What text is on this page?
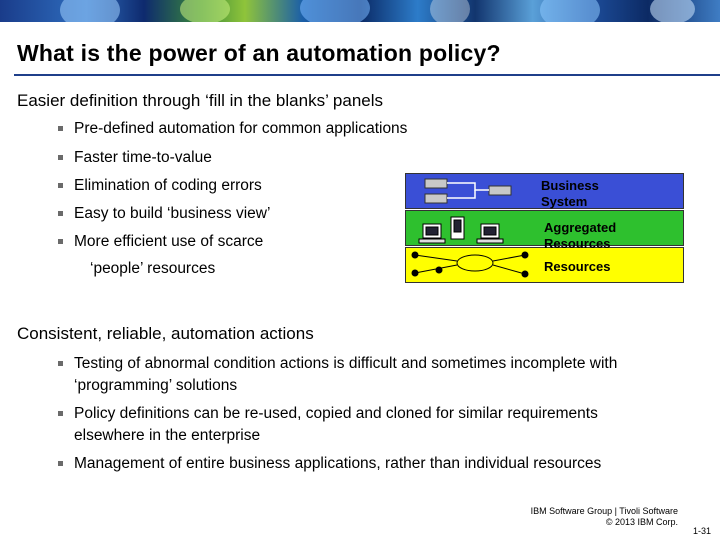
What is the power of an automation policy?
Easier definition through ‘fill in the blanks’ panels
Pre-defined automation for common applications
Faster time-to-value
Elimination of coding errors
Easy to build ‘business view’
More efficient use of scarce
‘people’ resources
Business
System
Aggregated
Resources
Resources
Consistent, reliable, automation actions
Testing of abnormal condition actions is difficult and sometimes incomplete with
‘programming’ solutions
Policy definitions can be re-used, copied and cloned for similar requirements
elsewhere in the enterprise
Management of entire business applications, rather than individual resources
IBM Software Group | Tivoli Software
© 2013 IBM Corp.
1-31
